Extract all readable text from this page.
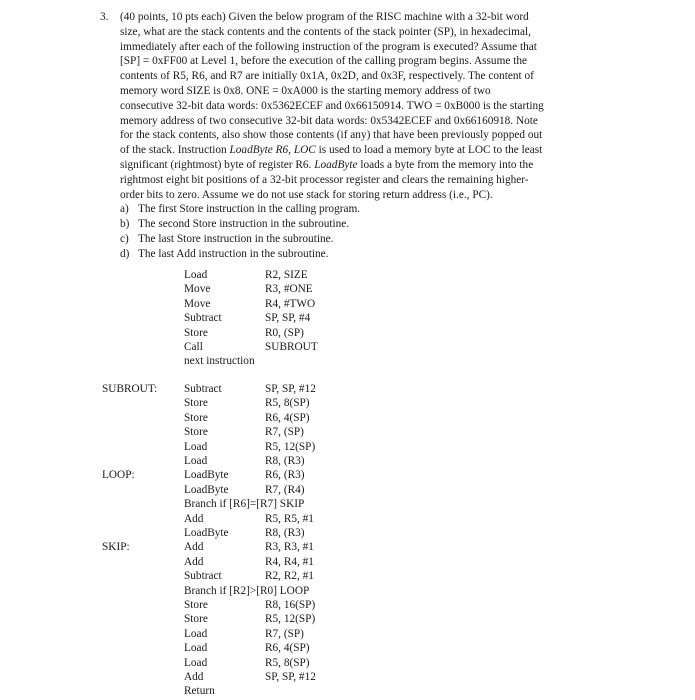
3. (40 points, 10 pts each) Given the below program of the RISC machine with a 32-bit word
size, what are the stack contents and the contents of the stack pointer (SP), in hexadecimal,
immediately after each of the following instruction of the program is executed? Assume that
[SP] = 0xFF00 at Level 1, before the execution of the calling program begins. Assume the
contents of R5, R6, and R7 are initially 0x1A, 0x2D, and 0x3F, respectively. The content of
memory word SIZE is 0x8. ONE = 0xA000 is the starting memory address of two
consecutive 32-bit data words: 0x5362ECEF and 0x66150914. TWO = 0xB000 is the starting
memory address of two consecutive 32-bit data words: 0x5342ECEF and 0x66160918. Note
for the stack contents, also show those contents (if any) that have been previously popped out
of the stack. Instruction LoadByte R6, LOC is used to load a memory byte at LOC to the least
significant (rightmost) byte of register R6. LoadByte loads a byte from the memory into the
rightmost eight bit positions of a 32-bit processor register and clears the remaining higher-
order bits to zero. Assume we do not use stack for storing return address (i.e., PC).
a) The first Store instruction in the calling program.
b) The second Store instruction in the subroutine.
c) The last Store instruction in the subroutine.
d) The last Add instruction in the subroutine.
Load	R2, SIZE
Move	R3, #ONE
Move	R4, #TWO
Subtract	SP, SP, #4
Store	R0, (SP)
Call	SUBROUT
next instruction
SUBROUT: Subtract	SP, SP, #12
Store	R5, 8(SP)
Store	R6, 4(SP)
Store	R7, (SP)
Load	R5, 12(SP)
Load	R8, (R3)
LOOP:	LoadByte	R6, (R3)
LoadByte	R7, (R4)
Branch if [R6]=[R7] SKIP
Add	R5, R5, #1
LoadByte	R8, (R3)
SKIP:	Add	R3, R3, #1
Add	R4, R4, #1
Subtract	R2, R2, #1
Branch if [R2]>[R0] LOOP
Store	R8, 16(SP)
Store	R5, 12(SP)
Load	R7, (SP)
Load	R6, 4(SP)
Load	R5, 8(SP)
Add	SP, SP, #12
Return
